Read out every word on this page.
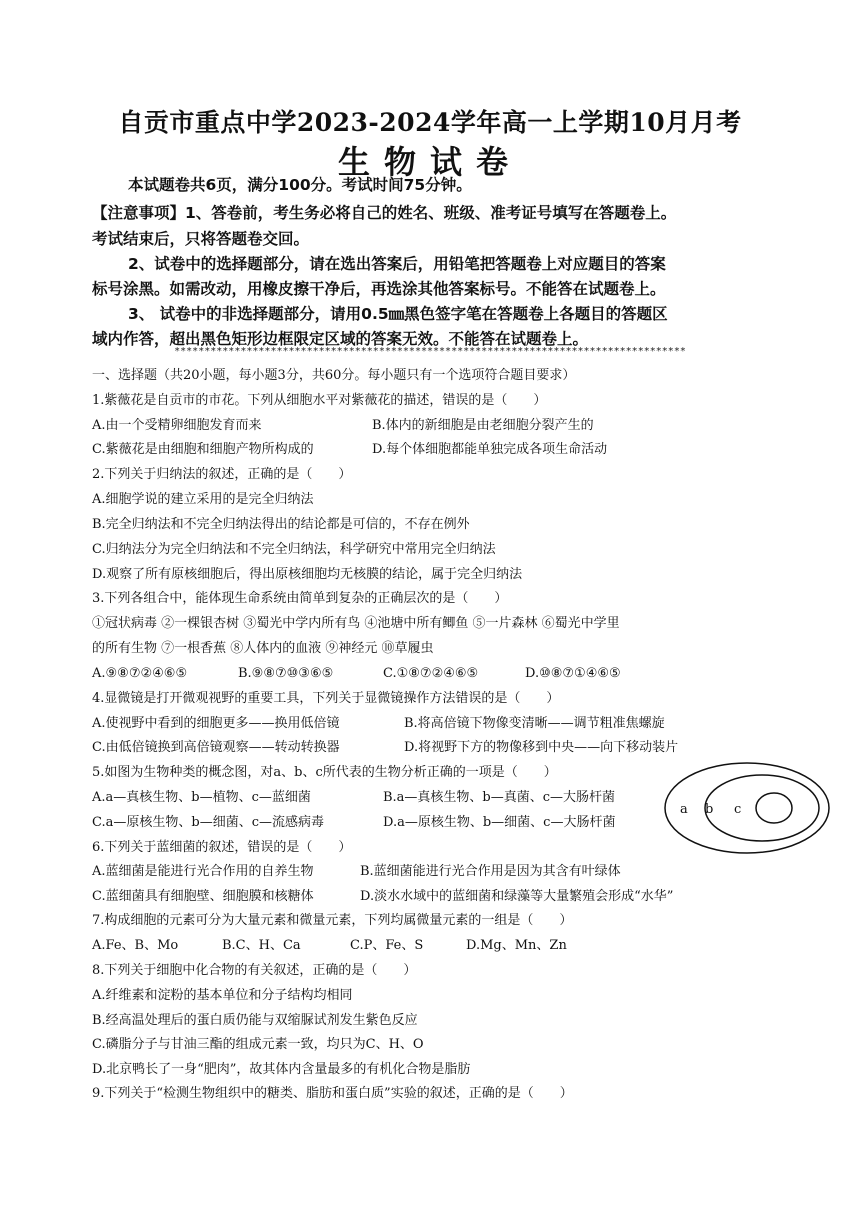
自贡市重点中学2023-2024学年高一上学期10月月考
生物试卷
本试题卷共6页，满分100分。考试时间75分钟。
【注意事项】1、答卷前，考生务必将自己的姓名、班级、准考证号填写在答题卷上。
考试结束后，只将答题卷交回。
2、试卷中的选择题部分，请在选出答案后，用铅笔把答题卷上对应题目的答案
标号涂黑。如需改动，用橡皮擦干净后，再选涂其他答案标号。不能答在试题卷上。
3、 试卷中的非选择题部分，请用0.5㎜黑色签字笔在答题卷上各题目的答题区
域内作答，超出黑色矩形边框限定区域的答案无效。不能答在试题卷上。
*************************************************************************************
一、选择题（共20小题，每小题3分，共60分。每小题只有一个选项符合题目要求）
1.紫薇花是自贡市的市花。下列从细胞水平对紫薇花的描述，错误的是（　　）
A.由一个受精卵细胞发育而来	B.体内的新细胞是由老细胞分裂产生的
C.紫薇花是由细胞和细胞产物所构成的	D.每个体细胞都能单独完成各项生命活动
2.下列关于归纳法的叙述，正确的是（　　）
A.细胞学说的建立采用的是完全归纳法
B.完全归纳法和不完全归纳法得出的结论都是可信的，不存在例外
C.归纳法分为完全归纳法和不完全归纳法，科学研究中常用完全归纳法
D.观察了所有原核细胞后，得出原核细胞均无核膜的结论，属于完全归纳法
3.下列各组合中，能体现生命系统由简单到复杂的正确层次的是（　　）
①冠状病毒 ②一棵银杏树 ③蜀光中学内所有鸟 ④池塘中所有鲫鱼 ⑤一片森林 ⑥蜀光中学里
的所有生物 ⑦一根香蕉 ⑧人体内的血液 ⑨神经元 ⑩草履虫
A.⑨⑧⑦②④⑥⑤	B.⑨⑧⑦⑩③⑥⑤	C.①⑧⑦②④⑥⑤	D.⑩⑧⑦①④⑥⑤
4.显微镜是打开微观视野的重要工具，下列关于显微镜操作方法错误的是（　　）
A.使视野中看到的细胞更多——换用低倍镜	B.将高倍镜下物像变清晰——调节粗准焦螺旋
C.由低倍镜换到高倍镜观察——转动转换器	D.将视野下方的物像移到中央——向下移动装片
5.如图为生物种类的概念图，对a、b、c所代表的生物分析正确的一项是（　　）
A.a—真核生物、b—植物、c—蓝细菌	B.a—真核生物、b—真菌、c—大肠杆菌
C.a—原核生物、b—细菌、c—流感病毒	D.a—原核生物、b—细菌、c—大肠杆菌
a b c
6.下列关于蓝细菌的叙述，错误的是（　　）
A.蓝细菌是能进行光合作用的自养生物	B.蓝细菌能进行光合作用是因为其含有叶绿体
C.蓝细菌具有细胞壁、细胞膜和核糖体	D.淡水水域中的蓝细菌和绿藻等大量繁殖会形成“水华”
7.构成细胞的元素可分为大量元素和微量元素，下列均属微量元素的一组是（　　）
A.Fe、B、Mo	B.C、H、Ca	C.P、Fe、S	D.Mg、Mn、Zn
8.下列关于细胞中化合物的有关叙述，正确的是（　　）
A.纤维素和淀粉的基本单位和分子结构均相同
B.经高温处理后的蛋白质仍能与双缩脲试剂发生紫色反应
C.磷脂分子与甘油三酯的组成元素一致，均只为C、H、O
D.北京鸭长了一身“肥肉”，故其体内含量最多的有机化合物是脂肪
9.下列关于“检测生物组织中的糖类、脂肪和蛋白质”实验的叙述，正确的是（　　）
